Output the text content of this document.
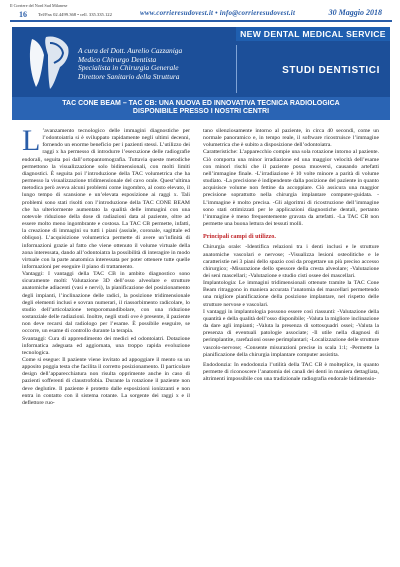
Il Corriere del Nord Sud Milanese
16 Tel/Fax 02.4499.368 • cell. 335.335.122	www.corrieresudovest.it • info@corrieresudovest.it	30 Maggio 2018
A cura del Dott. Aurelio Cazzaniga
Medico Chirurgo Dentista
Specialista in Chirurgia Generale
Direttore Sanitario della Struttura
NEW DENTAL MEDICAL SERVICE
STUDI DENTISTICI
TAC CONE BEAM – TAC CB: UNA NUOVA ED INNOVATIVA TECNICA RADIOLOGICA
DISPONIBILE PRESSO I NOSTRI CENTRI

L ’avanzamento tecnologico delle immagini diagnostiche per l’odontoiatria si è sviluppato rapidamente negli ultimi decenni, fornendo un enorme beneficio per i pazienti stessi. L’utilizzo dei raggi x ha permesso di introdurre l’esecuzione delle radiografie endorali, seguita poi dall’ortopantomografia. Tuttavia queste metodiche permettono la visualizzazione solo bidimensionali, con molti limiti diagnostici. È seguita poi l’introduzione della TAC volumetrica che ha permesso la visualizzazione tridimensionale del cavo orale. Quest’ultima metodica però aveva alcuni problemi come ingombro, al costo elevato, il lungo tempo di scansione e un’elevata esposizione ai raggi x. Tali problemi sono stati risolti con l’introduzione della TAC CONE BEAM che ha ulteriormente aumentato la qualità delle immagini con una notevole riduzione della dose di radiazioni data al paziente, oltre ad essere molto meno ingombrante e costosa. La TAC CB permette, infatti, la creazione di immagini su tutti i piani (assiale, coronale, sagittale ed obliquo). L’acquisizione volumetrica permette di avere un’infinità di informazioni grazie al fatto che viene ottenuto il volume virtuale della zona interessata, dando all’odontoiatra la possibilità di interagire in modo virtuale con la parte anatomica interessata per poter ottenere tutte quelle informazioni per eseguire il piano di trattamento.

Vantaggi: I vantaggi della TAC CB in ambito diagnostico sono sicuramente molti: Valutazione 3D dell’osso alveolare e strutture anatomiche adiacenti (vasi e nervi), la pianificazione del posizionamento degli impianti, l’inclinazione delle radici, la posizione tridimensionale degli elementi inclusi e sovran numerari, il riassorbimento radicolare, lo studio dell’articolazione temporomandibolare, con una riduzione sostanziale delle radiazioni. Inoltre, negli studi ove è presente, il paziente non deve recarsi dal radiologo per l’esame. È possibile eseguire, se occorre, un esame di controllo durante la terapia.

Svantaggi: Cura di apprendimento dei medici ed odontoiatri. Dotazione informatica adeguata ed aggiornata, una troppo rapida evoluzione tecnologica.

Come si esegue: Il paziente viene invitato ad appoggiare il mento su un apposito poggia testa che facilita il corretto posizionamento. Il particolare design dell’apparecchiatura non risulta opprimente anche in caso di pazienti sofferenti di claustrofobia. Durante la rotazione il paziente non deve deglutire. Il paziente è protetto dalle esposizioni ionizzanti e non entra in contatto con il sistema rotante. La sorgente dei raggi x e il deflettore ruo-

tano silenziosamente intorno al paziente, in circa 40 secondi, come un normale panoramico e, in tempo reale, il software ricostruisce l’immagine volumetrica che è subito a disposizione dell’odontoiatra.

Caratteristiche: L’apparecchio compie una sola rotazione intorno al paziente. Ciò comporta una minor irradiazione ed una maggior velocità dell’esame con minori rischi che il paziente possa muoversi, causando artefatti nell’immagine finale. -L’irradiazione è 10 volte minore a parità di volume studiato. -La precisione è indipendente dalla posizione del paziente in quanto acquisisce volume non fettine da accoppiare. Ciò assicura una maggior precisione soprattutto nella chirurgia implantare computer-guidata. -L’immagine è molto precisa. -Gli algoritmi di ricostruzione dell’immagine sono stati ottimizzati per le applicazioni diagnostiche dentali, pertanto l’immagine è meno frequentemente gravata da artefatti. -La TAC CB non permette una buona lettura dei tessuti molli.

Principali campi di utilizzo.

Chirurgia orale: -Identifica relazioni tra i denti inclusi e le strutture anatomiche vascolari e nervose; -Visualizza lesioni osteolitiche e le caratteristie nei 3 piani dello spazio cosi da progettare un più preciso accesso chirurgico; -Misurazione dello spessore della cresta alveolare; -Valutazione dei seni mascellari; -Valutazione e studio cisti ossee dei mascellari.

Implantologia: Le immagini tridimensionali ottenute tramite la TAC Cone Beam ritraggono in maniera accurata l’anatomia dei mascellari permettendo una migliore pianificazione della posizione implantare, nel rispetto delle strutture nervose e vascolari.

I vantaggi in implantologia possono essere così riassunti: -Valutazione della quantità e della qualità dell’osso disponibile; -Valuta la migliore inclinazione da dare agli impianti; -Valuta la presenza di sottosquadri ossei; -Valuta la presenza di eventuali patologie associate; -Il utile nella diagnosi di perimplantite, rarefazioni ossee perimplantari; -Localizzazione delle strutture vascolo-nervose; -Consente misurazioni precise in scala 1:1; -Permette la pianificazione della chirurgia implantare computer assistita.

Endodonzia: In endodonzia l’utilità della TAC CB è molteplice, in quanto permette di riconoscere l’anatomia dei canali dei denti in maniera dettagliata, altrimenti impossibile con una tradizionale radiografia endorale bidimensio-
